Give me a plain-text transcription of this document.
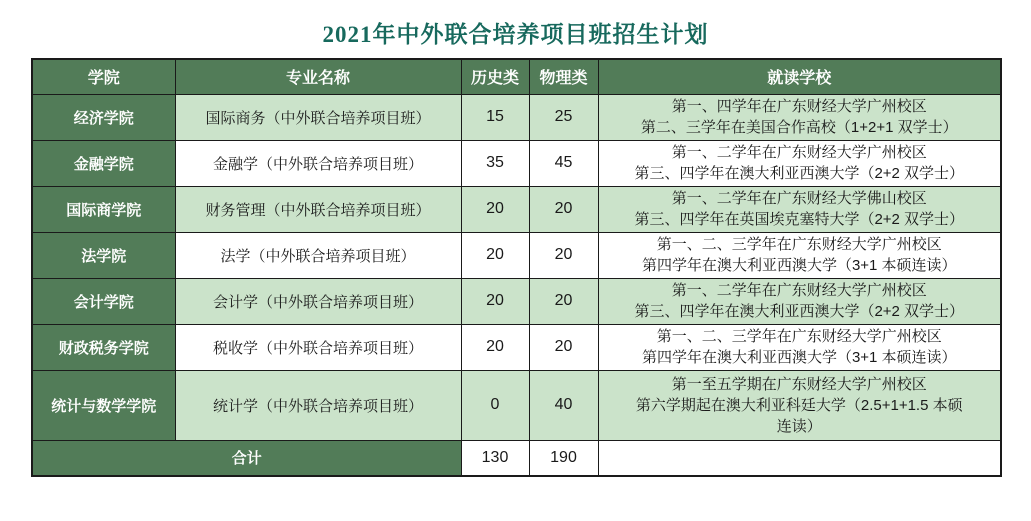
2021年中外联合培养项目班招生计划
学院	专业名称	历史类	物理类	就读学校
经济学院	国际商务（中外联合培养项目班）	15	25	第一、四学年在广东财经大学广州校区
第二、三学年在美国合作高校（1+2+1 双学士）

金融学院	金融学（中外联合培养项目班）	35	45	第一、二学年在广东财经大学广州校区
第三、四学年在澳大利亚西澳大学（2+2 双学士）

国际商学院	财务管理（中外联合培养项目班）	20	20	第一、二学年在广东财经大学佛山校区
第三、四学年在英国埃克塞特大学（2+2 双学士）

法学院	法学（中外联合培养项目班）	20	20	第一、二、三学年在广东财经大学广州校区
第四学年在澳大利亚西澳大学（3+1 本硕连读）

会计学院	会计学（中外联合培养项目班）	20	20	第一、二学年在广东财经大学广州校区
第三、四学年在澳大利亚西澳大学（2+2 双学士）

财政税务学院	税收学（中外联合培养项目班）	20	20	第一、二、三学年在广东财经大学广州校区
第四学年在澳大利亚西澳大学（3+1 本硕连读）

统计与数学学院	统计学（中外联合培养项目班）	0	40	第一至五学期在广东财经大学广州校区
第六学期起在澳大利亚科廷大学（2.5+1+1.5 本硕
连读）

合计		130	190	
